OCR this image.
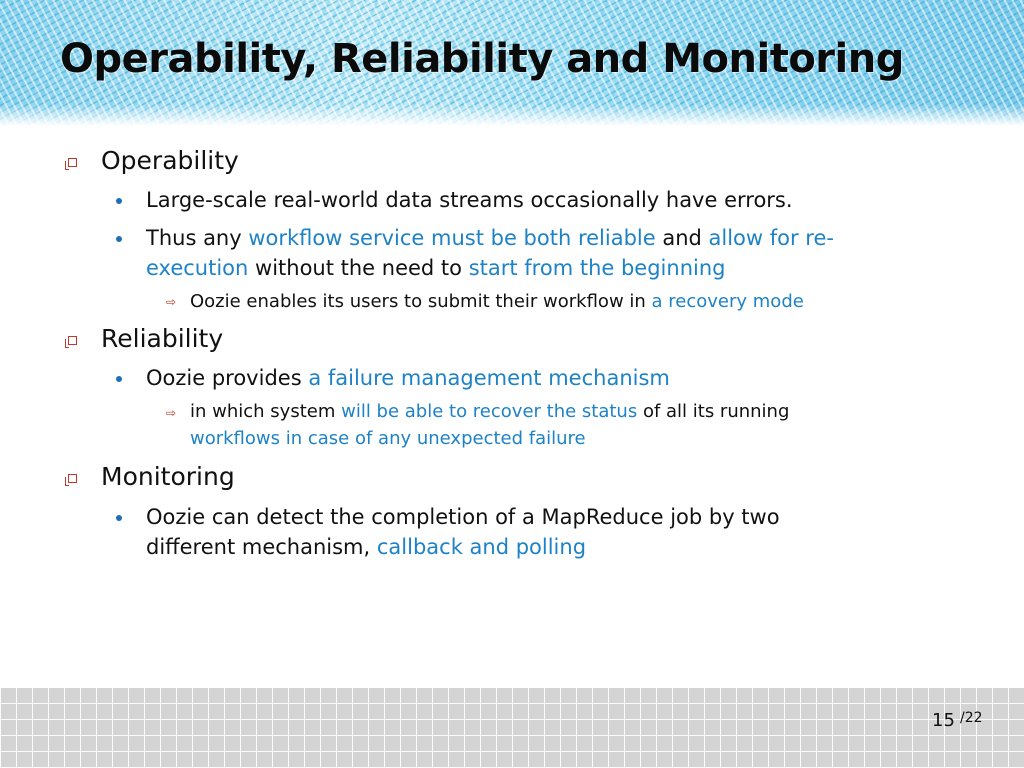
Operability, Reliability and Monitoring
Operability
Large-scale real-world data streams occasionally have errors.
Thus any workflow service must be both reliable and allow for re-
execution without the need to start from the beginning
⇨ Oozie enables its users to submit their workflow in a recovery mode
Reliability
Oozie provides a failure management mechanism
⇨ in which system will be able to recover the status of all its running
workflows in case of any unexpected failure
Monitoring
Oozie can detect the completion of a MapReduce job by two
different mechanism, callback and polling
15 /22
